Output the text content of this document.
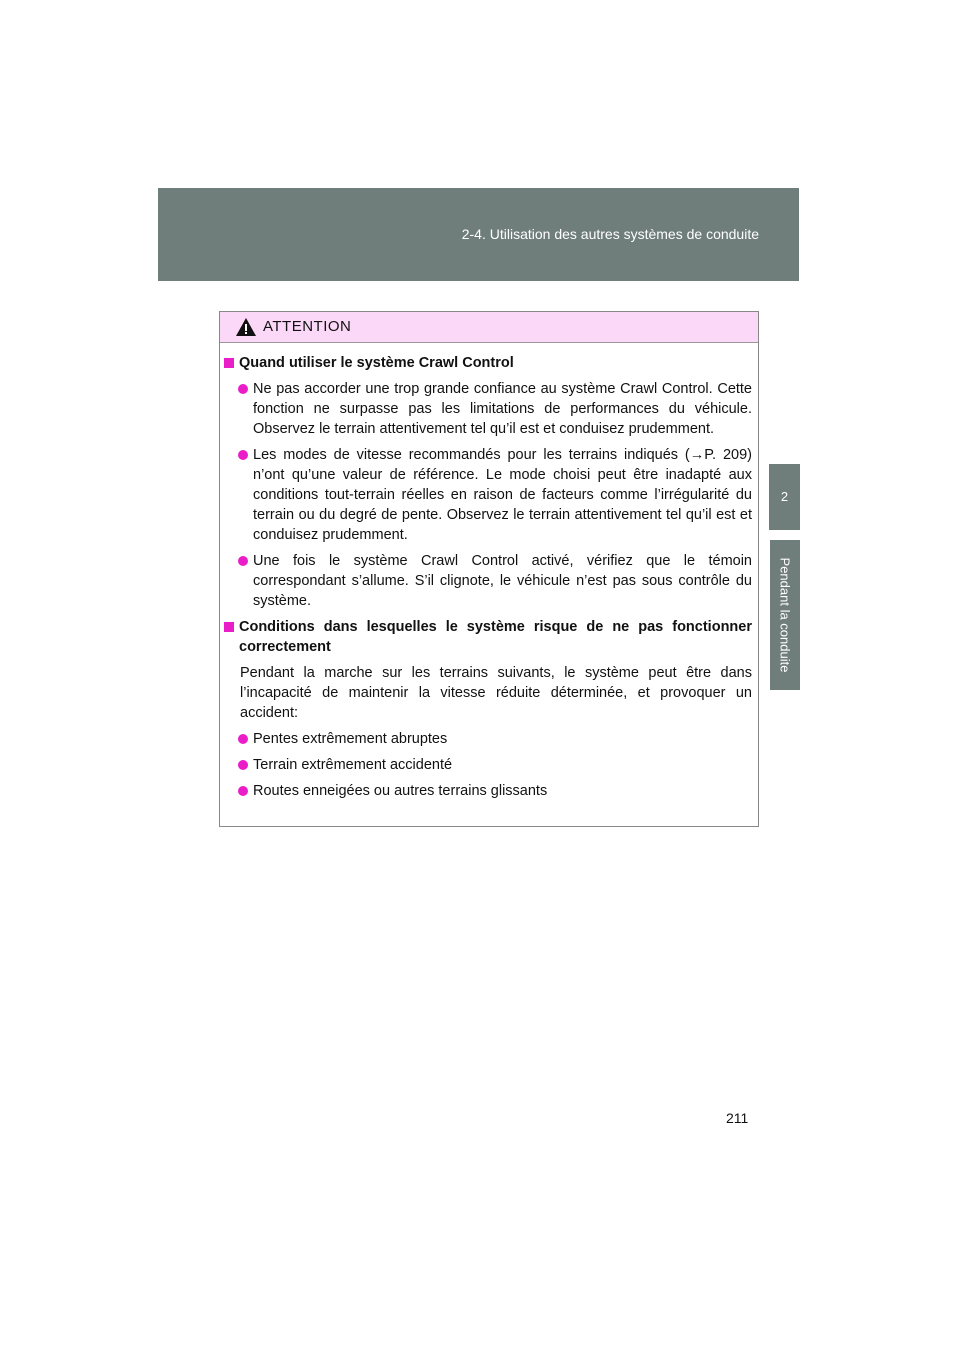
2-4. Utilisation des autres systèmes de conduite
2
Pendant la conduite
ATTENTION
Quand utiliser le système Crawl Control
Ne pas accorder une trop grande confiance au système Crawl Control. Cette fonction ne surpasse pas les limitations de performances du véhicule. Observez le terrain attentivement tel qu’il est et conduisez prudemment.
Les modes de vitesse recommandés pour les terrains indiqués (→P. 209) n’ont qu’une valeur de référence. Le mode choisi peut être inadapté aux conditions tout-terrain réelles en raison de facteurs comme l’irrégularité du terrain ou du degré de pente. Observez le terrain attentivement tel qu’il est et conduisez prudemment.
Une fois le système Crawl Control activé, vérifiez que le témoin correspondant s’allume. S’il clignote, le véhicule n’est pas sous contrôle du système.
Conditions dans lesquelles le système risque de ne pas fonctionner correctement
Pendant la marche sur les terrains suivants, le système peut être dans l’incapacité de maintenir la vitesse réduite déterminée, et provoquer un accident:
Pentes extrêmement abruptes
Terrain extrêmement accidenté
Routes enneigées ou autres terrains glissants
211
